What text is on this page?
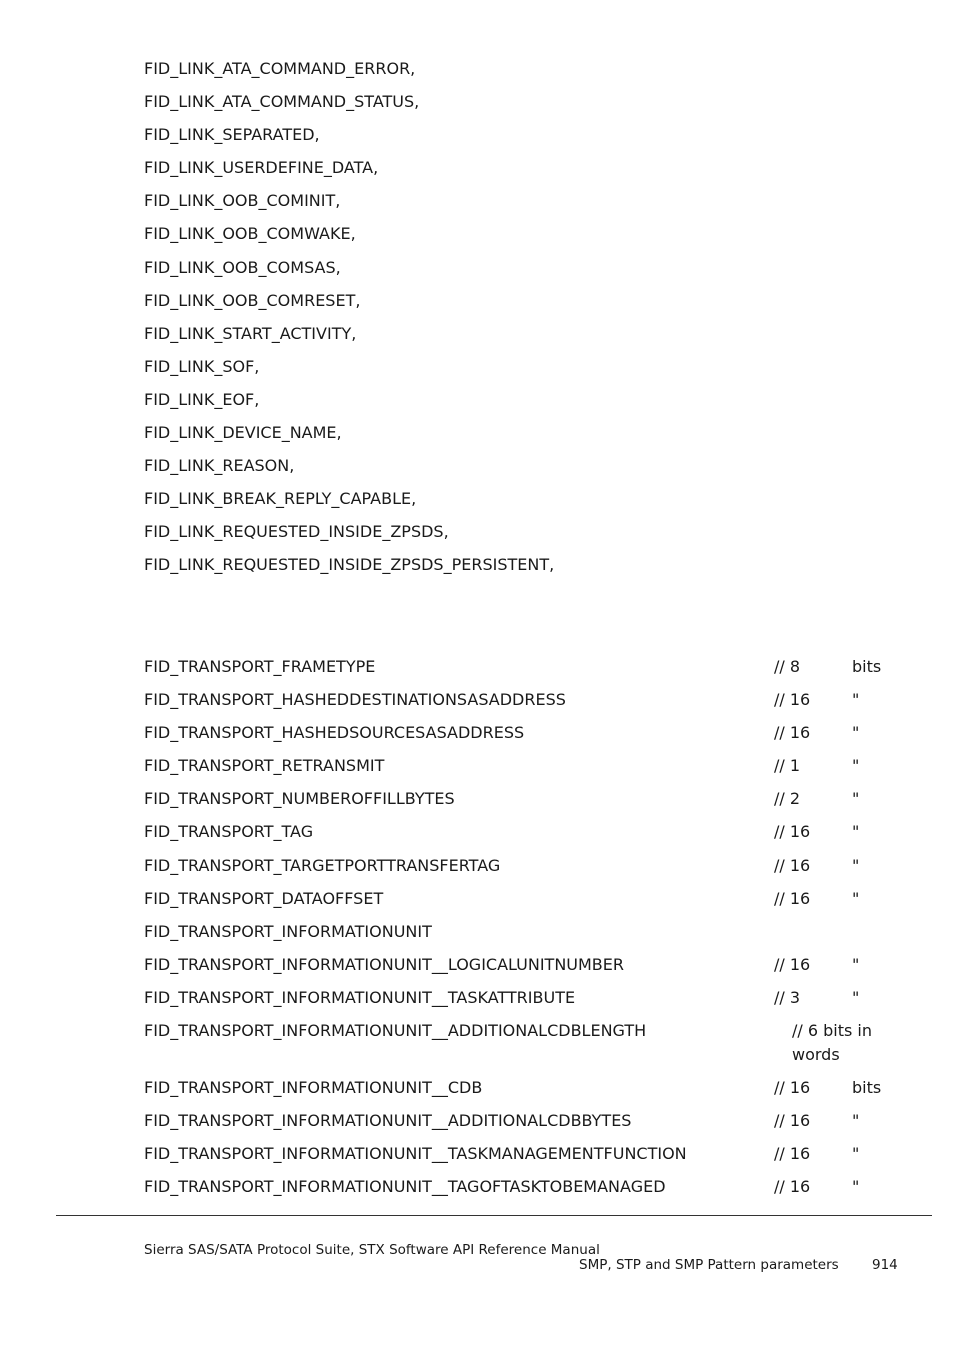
FID_LINK_ATA_COMMAND_ERROR,
FID_LINK_ATA_COMMAND_STATUS,
FID_LINK_SEPARATED,
FID_LINK_USERDEFINE_DATA,
FID_LINK_OOB_COMINIT,
FID_LINK_OOB_COMWAKE,
FID_LINK_OOB_COMSAS,
FID_LINK_OOB_COMRESET,
FID_LINK_START_ACTIVITY,
FID_LINK_SOF,
FID_LINK_EOF,
FID_LINK_DEVICE_NAME,
FID_LINK_REASON,
FID_LINK_BREAK_REPLY_CAPABLE,
FID_LINK_REQUESTED_INSIDE_ZPSDS,
FID_LINK_REQUESTED_INSIDE_ZPSDS_PERSISTENT,
FID_TRANSPORT_FRAMETYPE	// 8	bits
FID_TRANSPORT_HASHEDDESTINATIONSASADDRESS	// 16	"
FID_TRANSPORT_HASHEDSOURCESASADDRESS	// 16	"
FID_TRANSPORT_RETRANSMIT	// 1	"
FID_TRANSPORT_NUMBEROFFILLBYTES	// 2	"
FID_TRANSPORT_TAG	// 16	"
FID_TRANSPORT_TARGETPORTTRANSFERTAG	// 16	"
FID_TRANSPORT_DATAOFFSET	// 16	"
FID_TRANSPORT_INFORMATIONUNIT		
FID_TRANSPORT_INFORMATIONUNIT__LOGICALUNITNUMBER	// 16	"
FID_TRANSPORT_INFORMATIONUNIT__TASKATTRIBUTE	// 3	"
FID_TRANSPORT_INFORMATIONUNIT__ADDITIONALCDBLENGTH	// 6 bits in words	
FID_TRANSPORT_INFORMATIONUNIT__CDB	// 16	bits
FID_TRANSPORT_INFORMATIONUNIT__ADDITIONALCDBBYTES	// 16	"
FID_TRANSPORT_INFORMATIONUNIT__TASKMANAGEMENTFUNCTION	// 16	"
FID_TRANSPORT_INFORMATIONUNIT__TAGOFTASKTOBEMANAGED	// 16	"
Sierra SAS/SATA Protocol Suite, STX Software API Reference Manual
SMP, STP and SMP Pattern parameters 914
